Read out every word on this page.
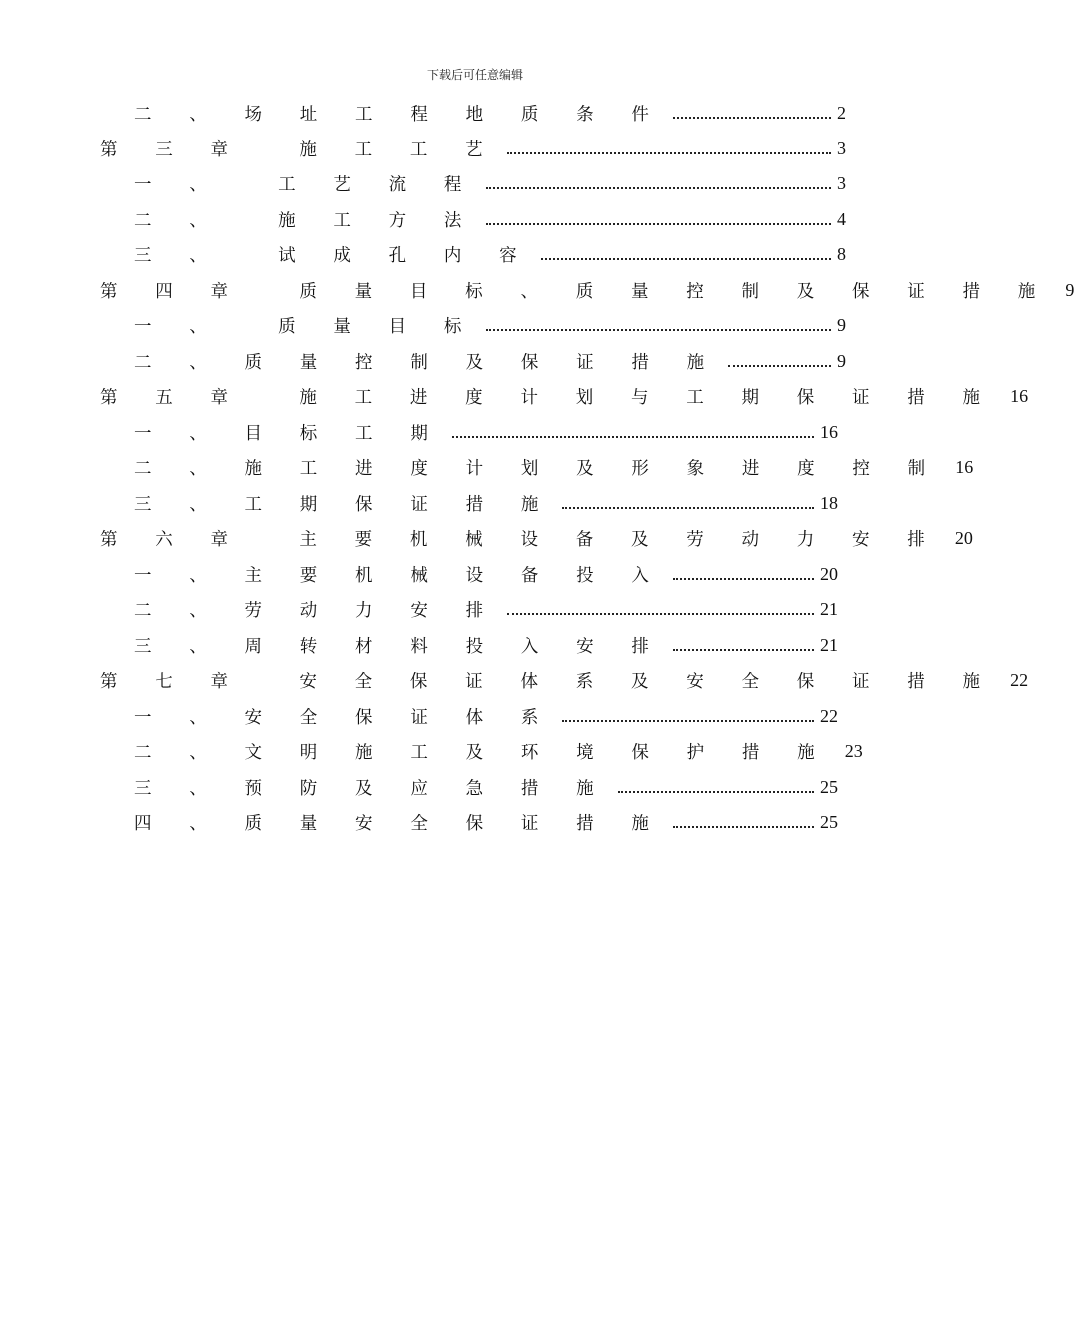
下载后可任意编辑
二 、 场 址 工 程 地 质 条 件	2
第 三 章 　施 工 工 艺	3
一 、 　工 艺 流 程	3
二 、 　施 工 方 法	4
三 、 　试 成 孔 内 容	8
第 四 章 　质 量 目 标 、 质 量 控 制 及 保 证 措 施 9
一 、 　质 量 目 标	9
二 、 质 量 控 制 及 保 证 措 施	9
第 五 章 　施 工 进 度 计 划 与 工 期 保 证 措 施 16
一 、 目 标 工 期	16
二 、 施 工 进 度 计 划 及 形 象 进 度 控 制 16
三 、 工 期 保 证 措 施	18
第 六 章 　主 要 机 械 设 备 及 劳 动 力 安 排 20
一 、 主 要 机 械 设 备 投 入	20
二 、 劳 动 力 安 排	21
三 、 周 转 材 料 投 入 安 排	21
第 七 章 　安 全 保 证 体 系 及 安 全 保 证 措 施 22
一 、 安 全 保 证 体 系	22
二 、 文 明 施 工 及 环 境 保 护 措 施 23
三 、 预 防 及 应 急 措 施	25
四 、 质 量 安 全 保 证 措 施	25
